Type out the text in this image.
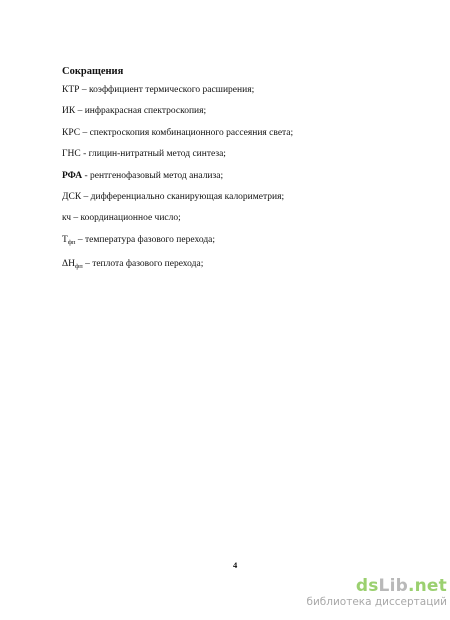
Сокращения
КТР – коэффициент термического расширения;
ИК – инфракрасная спектроскопия;
КРС – спектроскопия комбинационного рассеяния света;
ГНС - глицин-нитратный метод синтеза;
РФА - рентгенофазовый метод анализа;
ДСК – дифференциально сканирующая калориметрия;
кч – координационное число;
$T_{фп}$ – температура фазового перехода;
$\Delta H_{фп}$ – теплота фазового перехода;
4
dsLib.net
библиотека диссертаций
